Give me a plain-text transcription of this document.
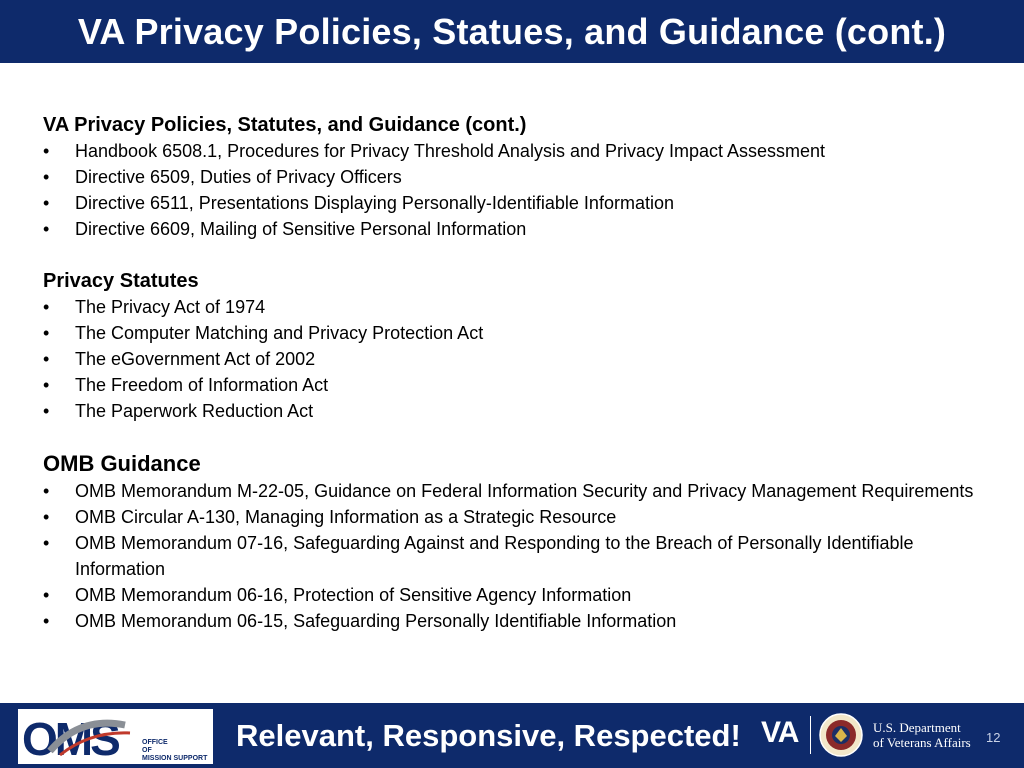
VA Privacy Policies, Statues, and Guidance (cont.)

VA Privacy Policies, Statutes, and Guidance (cont.)

•	Handbook 6508.1, Procedures for Privacy Threshold Analysis and Privacy Impact Assessment
•	Directive 6509, Duties of Privacy Officers
•	Directive 6511, Presentations Displaying Personally-Identifiable Information
•	Directive 6609, Mailing of Sensitive Personal Information

Privacy Statutes

•	The Privacy Act of 1974
•	The Computer Matching and Privacy Protection Act
•	The eGovernment Act of 2002
•	The Freedom of Information Act
•	The Paperwork Reduction Act

OMB Guidance

•	OMB Memorandum M-22-05, Guidance on Federal Information Security and Privacy Management Requirements
•	OMB Circular A-130, Managing Information as a Strategic Resource
•	OMB Memorandum 07-16, Safeguarding Against and Responding to the Breach of Personally Identifiable Information
•	OMB Memorandum 06-16, Protection of Sensitive Agency Information
•	OMB Memorandum 06-15, Safeguarding Personally Identifiable Information
OMS	OFFICE
OF
MISSION SUPPORT
Relevant, Responsive, Respected! VA	U.S. Department
of Veterans Affairs 12
